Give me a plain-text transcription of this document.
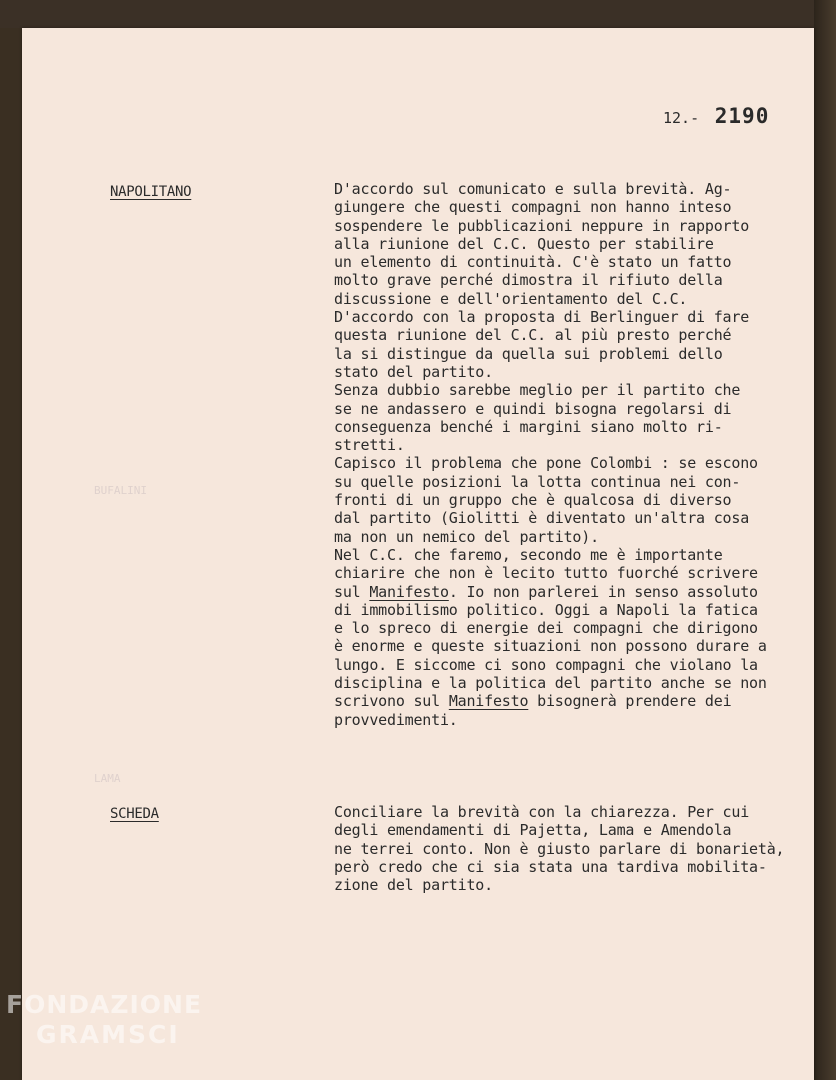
BUFALINI
LAMA
12.- 2190
NAPOLITANO	D'accordo sul comunicato e sulla brevità. Ag-
giungere che questi compagni non hanno inteso
sospendere le pubblicazioni neppure in rapporto
alla riunione del C.C. Questo per stabilire
un elemento di continuità. C'è stato un fatto
molto grave perché dimostra il rifiuto della
discussione e dell'orientamento del C.C.
D'accordo con la proposta di Berlinguer di fare
questa riunione del C.C. al più presto perché
la si distingue da quella sui problemi dello
stato del partito.
Senza dubbio sarebbe meglio per il partito che
se ne andassero e quindi bisogna regolarsi di
conseguenza benché i margini siano molto ri-
stretti.
Capisco il problema che pone Colombi : se escono
su quelle posizioni la lotta continua nei con-
fronti di un gruppo che è qualcosa di diverso
dal partito (Giolitti è diventato un'altra cosa
ma non un nemico del partito).
Nel C.C. che faremo, secondo me è importante
chiarire che non è lecito tutto fuorché scrivere
sul Manifesto. Io non parlerei in senso assoluto
di immobilismo politico. Oggi a Napoli la fatica
e lo spreco di energie dei compagni che dirigono
è enorme e queste situazioni non possono durare a
lungo. E siccome ci sono compagni che violano la
disciplina e la politica del partito anche se non
scrivono sul Manifesto bisognerà prendere dei
provvedimenti.
SCHEDA	Conciliare la brevità con la chiarezza. Per cui
degli emendamenti di Pajetta, Lama e Amendola
ne terrei conto. Non è giusto parlare di bonarietà,
però credo che ci sia stata una tardiva mobilita-
zione del partito.
FONDAZIONE
GRAMSCI
